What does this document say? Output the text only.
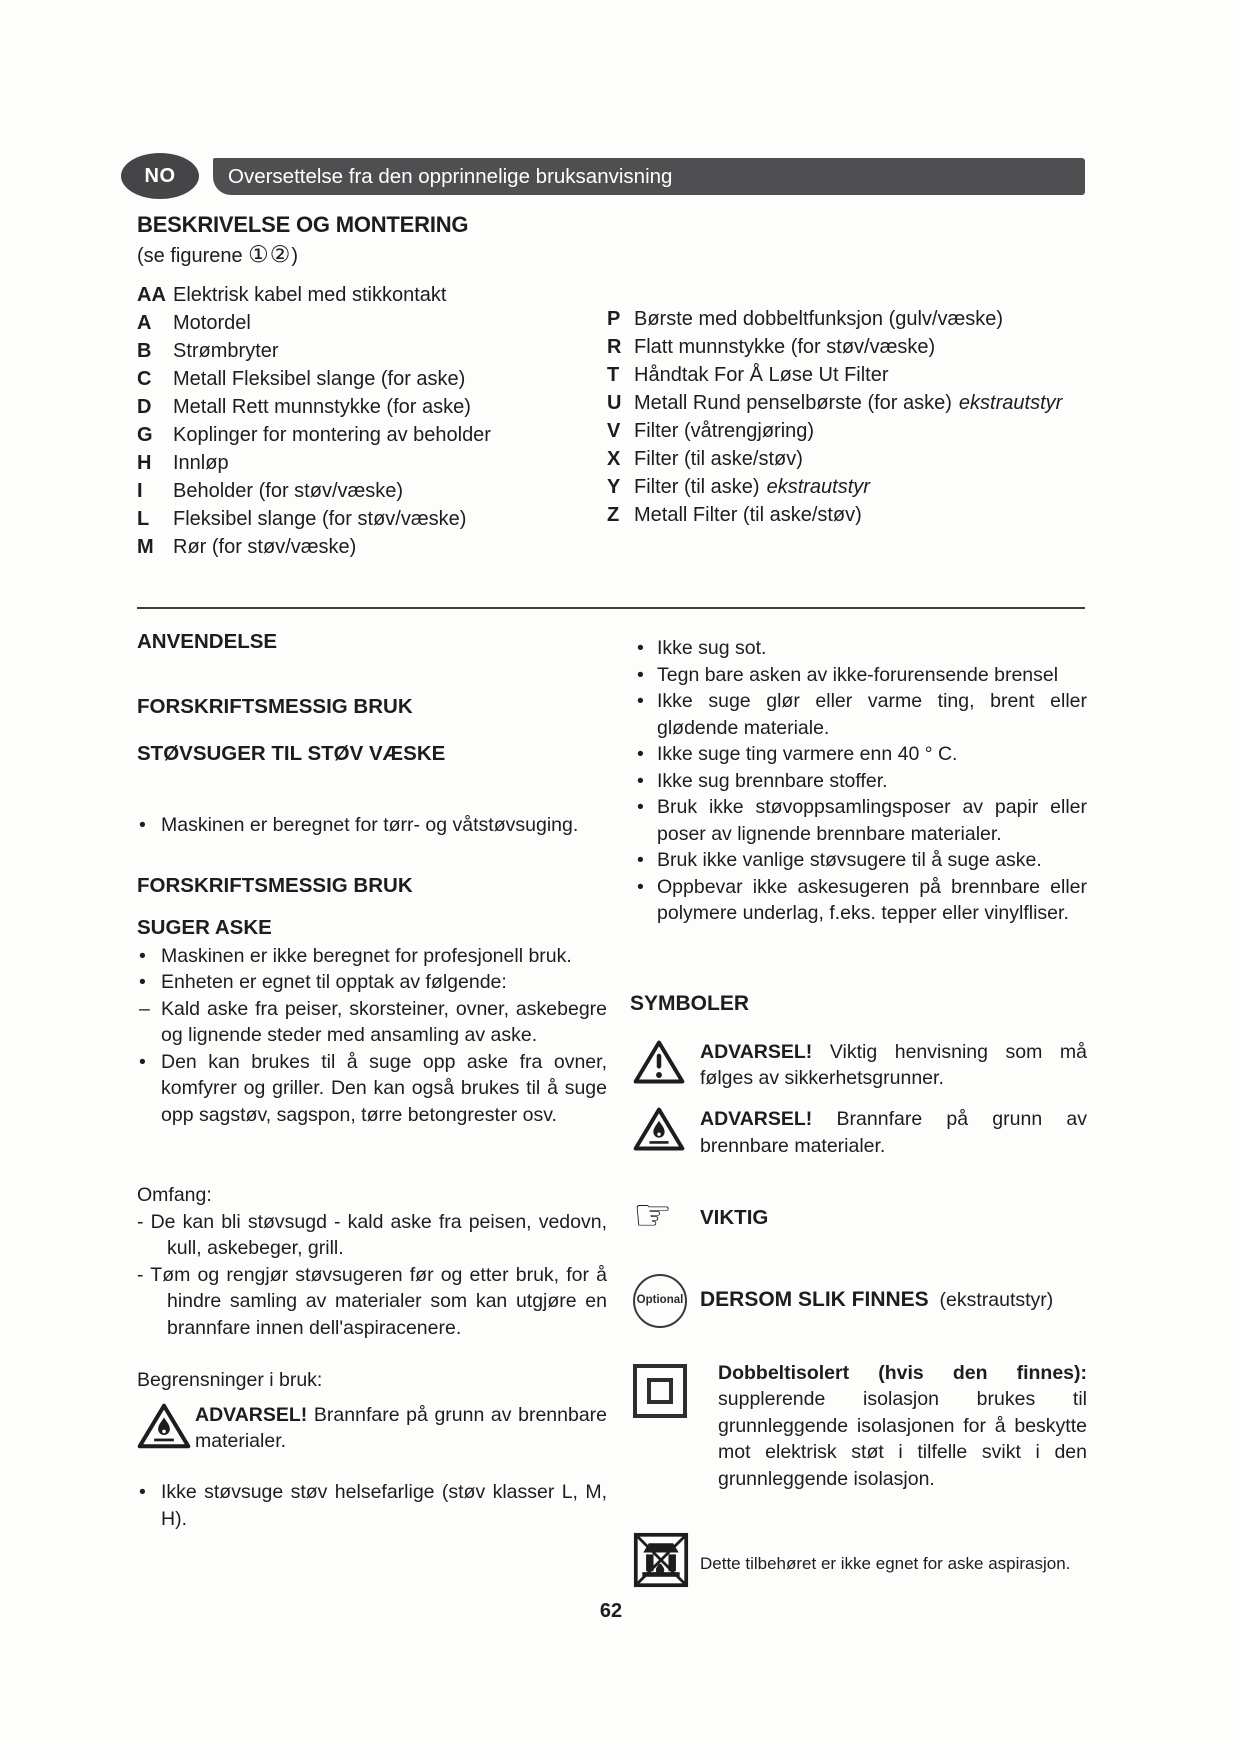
NO	Oversettelse fra den opprinnelige bruksanvisning
BESKRIVELSE OG MONTERING
(se figurene ①②)
AA Elektrisk kabel med stikkontakt
A	Motordel
B	Strømbryter
C	Metall Fleksibel slange (for aske)
D	Metall Rett munnstykke (for aske)
G	Koplinger for montering av beholder
H	Innløp
I	Beholder (for støv/væske)
L	Fleksibel slange (for støv/væske)
M Rør (for støv/væske)
P Børste med dobbeltfunksjon (gulv/væske)
R Flatt munnstykke (for støv/væske)
T Håndtak For Å Løse Ut Filter
U Metall Rund penselbørste (for aske) ekstrautstyr
V Filter (våtrengjøring)
X Filter (til aske/støv)
Y Filter (til aske) ekstrautstyr
Z Metall Filter (til aske/støv)
ANVENDELSE
FORSKRIFTSMESSIG BRUK
STØVSUGER TIL STØV VÆSKE
• Maskinen er beregnet for tørr- og våtstøvsuging.
FORSKRIFTSMESSIG BRUK
SUGER ASKE
• Maskinen er ikke beregnet for profesjonell bruk.
• Enheten er egnet til opptak av følgende:
– Kald aske fra peiser, skorsteiner, ovner, askebegre og lignende steder med ansamling av aske.
• Den kan brukes til å suge opp aske fra ovner, komfyrer og griller. Den kan også brukes til å suge opp sagstøv, sagspon, tørre betongrester osv.
Omfang:
- De kan bli støvsugd - kald aske fra peisen, vedovn, kull, askebeger, grill.
- Tøm og rengjør støvsugeren før og etter bruk, for å hindre samling av materialer som kan utgjøre en brannfare innen dell'aspiracenere.
Begrensninger i bruk:
ADVARSEL! Brannfare på grunn av brennbare materialer.
• Ikke støvsuge støv helsefarlige (støv klasser L, M, H).
• Ikke sug sot.
• Tegn bare asken av ikke-forurensende brensel
• Ikke suge glør eller varme ting, brent eller glødende materiale.
• Ikke suge ting varmere enn 40 ° C.
• Ikke sug brennbare stoffer.
• Bruk ikke støvoppsamlingsposer av papir eller poser av lignende brennbare materialer.
• Bruk ikke vanlige støvsugere til å suge aske.
• Oppbevar ikke askesugeren på brennbare eller polymere underlag, f.eks. tepper eller vinylfliser.
SYMBOLER
ADVARSEL! Viktig henvisning som må følges av sikkerhetsgrunner.
ADVARSEL! Brannfare på grunn av brennbare materialer.
☞	VIKTIG
Optional DERSOM SLIK FINNES (ekstrautstyr)
Dobbeltisolert (hvis den finnes): supplerende isolasjon brukes til grunnleggende isolasjonen for å beskytte mot elektrisk støt i tilfelle svikt i den grunnleggende isolasjon.
Dette tilbehøret er ikke egnet for aske aspirasjon.
62
